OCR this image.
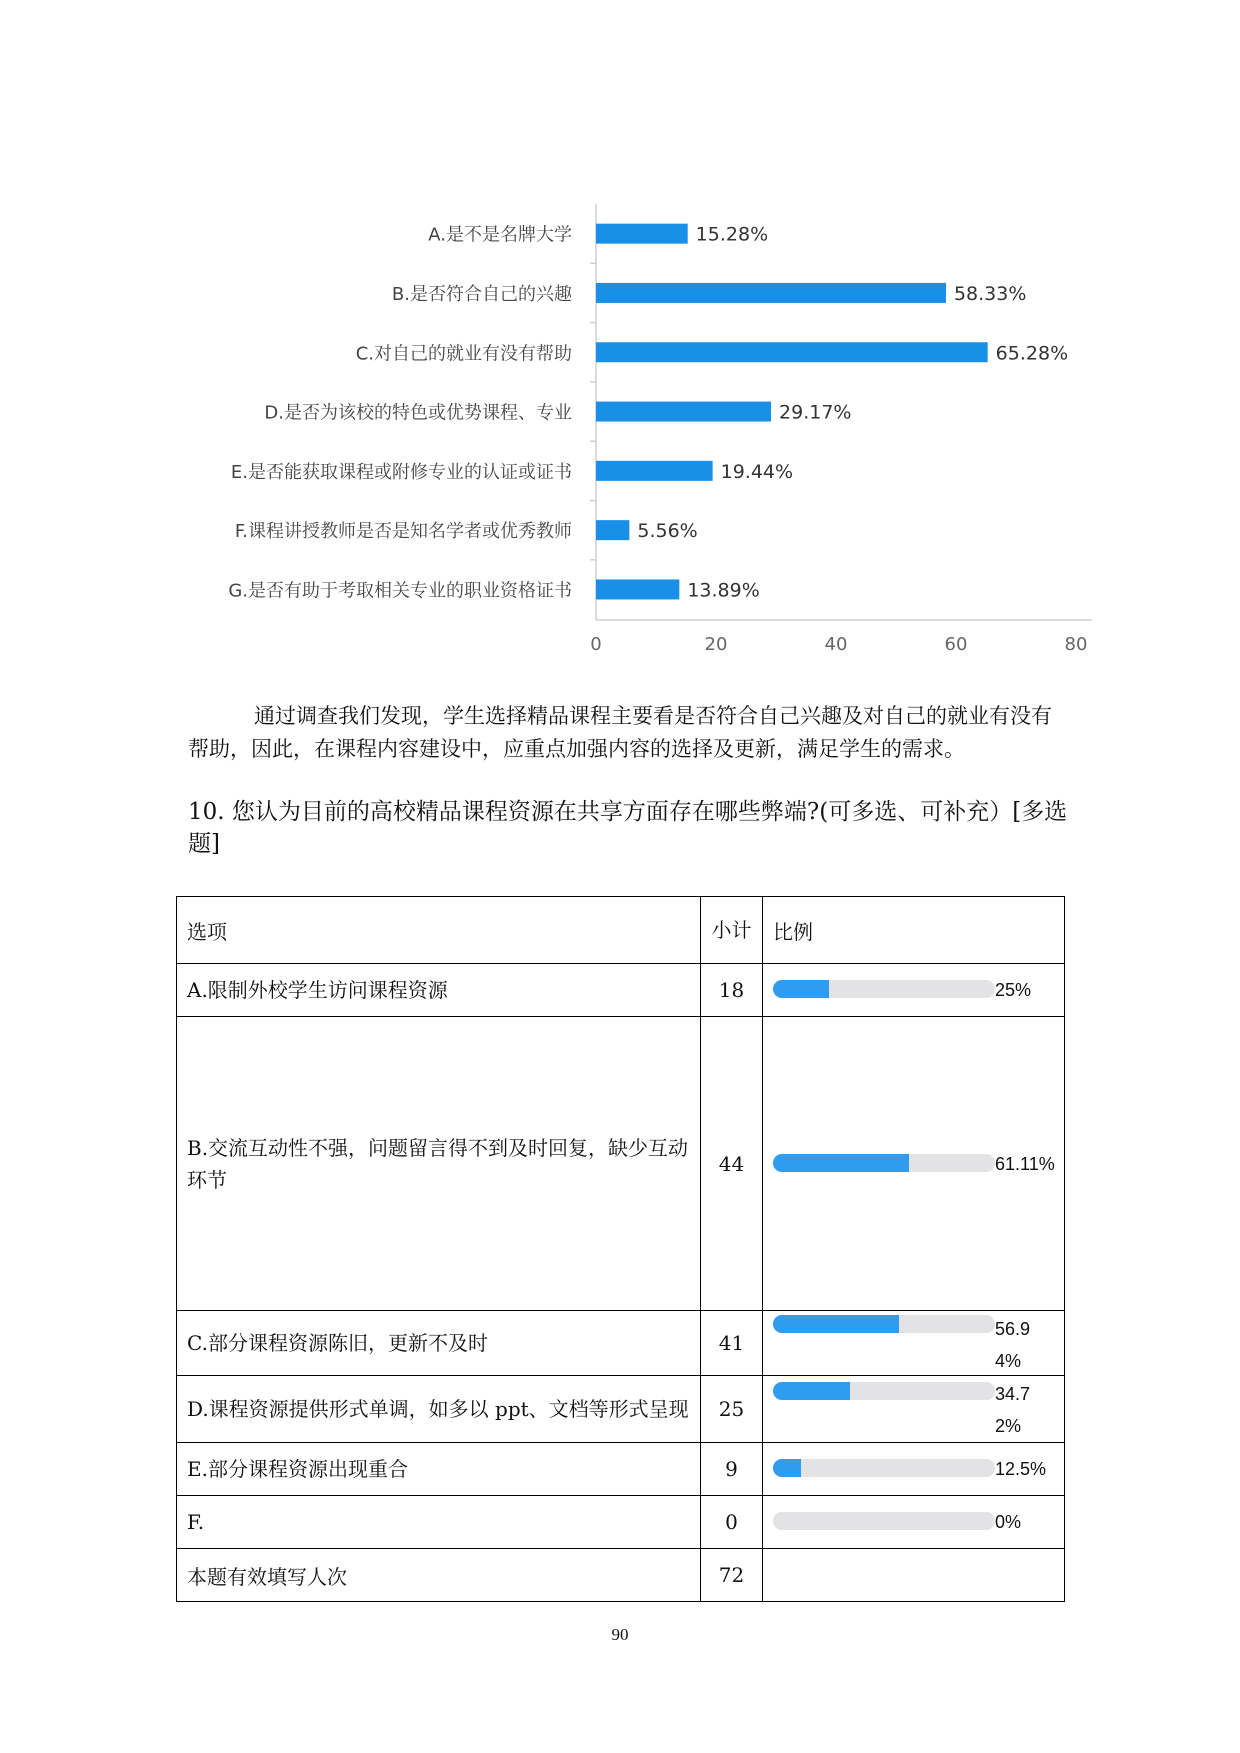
A.是不是名牌大学	15.28%
B.是否符合自己的兴趣	58.33%
C.对自己的就业有没有帮助	65.28%
D.是否为该校的特色或优势课程、专业	29.17%
E.是否能获取课程或附修专业的认证或证书	19.44%
F.课程讲授教师是否是知名学者或优秀教师	5.56%
G.是否有助于考取相关专业的职业资格证书	13.89%
0	20	40	60	80

通过调查我们发现，学生选择精品课程主要看是否符合自己兴趣及对自己的就业有没有帮助，因此，在课程内容建设中，应重点加强内容的选择及更新，满足学生的需求。

10. 您认为目前的高校精品课程资源在共享方面存在哪些弊端?(可多选、可补充）[多选题]

选项	小计	比例
A.限制外校学生访问课程资源	18	25%

B.交流互动性不强，问题留言得不到及时回复，缺少互动环节	44	61.11%

C.部分课程资源陈旧，更新不及时	41	56.94%

D.课程资源提供形式单调，如多以 ppt、文档等形式呈现	25	34.72%

E.部分课程资源出现重合	9	12.5%

F.	0	0%

本题有效填写人次	72	
90
